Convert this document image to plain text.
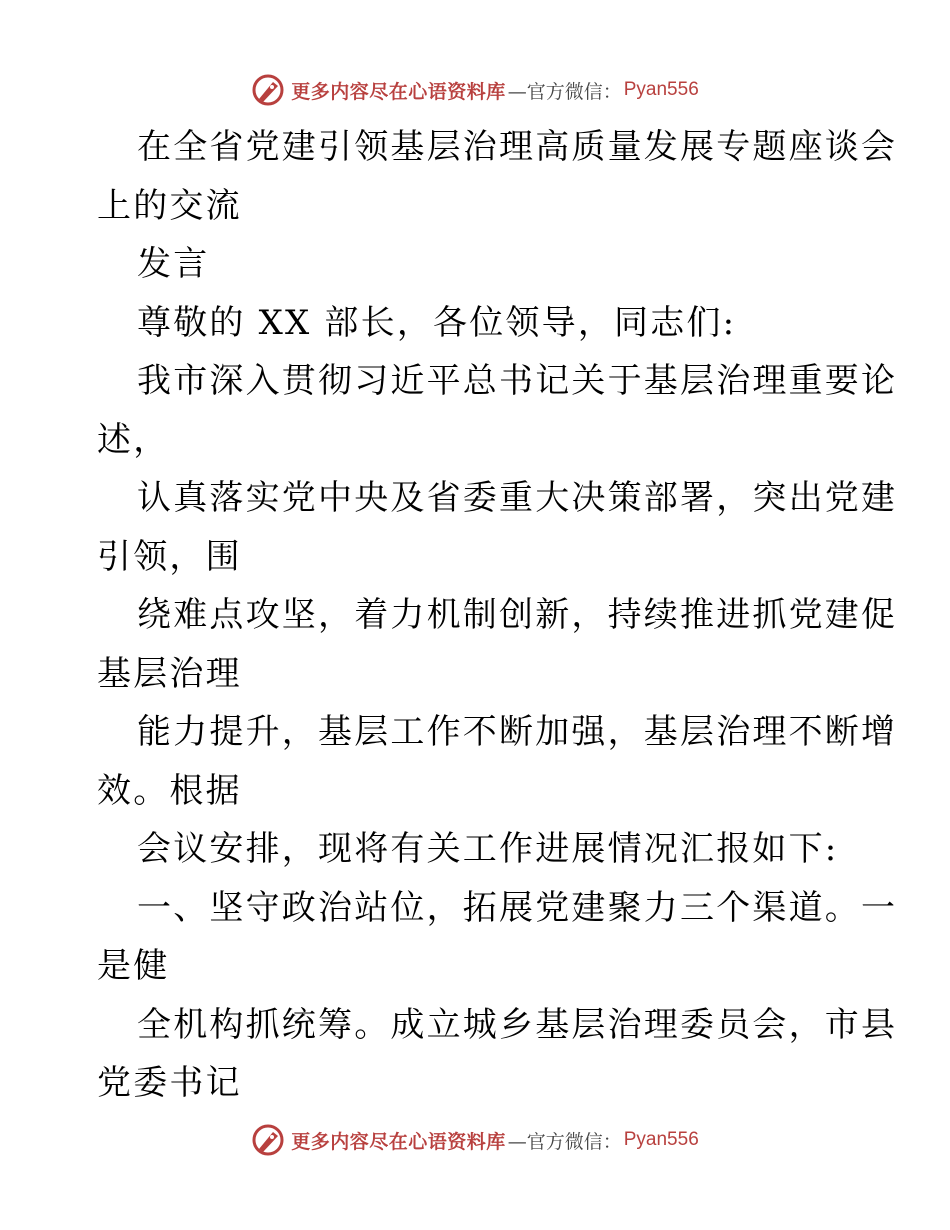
更多内容尽在心语资料库 —官方微信： Pyan556
在全省党建引领基层治理高质量发展专题座谈会
上的交流
发言
尊敬的 XX 部长，各位领导，同志们:
我市深入贯彻习近平总书记关于基层治理重要论
述，
认真落实党中央及省委重大决策部署，突出党建
引领，围
绕难点攻坚，着力机制创新，持续推进抓党建促
基层治理
能力提升，基层工作不断加强，基层治理不断增
效。根据
会议安排，现将有关工作进展情况汇报如下:
一、坚守政治站位，拓展党建聚力三个渠道。一
是健
全机构抓统筹。成立城乡基层治理委员会，市县
党委书记
更多内容尽在心语资料库 —官方微信： Pyan556
